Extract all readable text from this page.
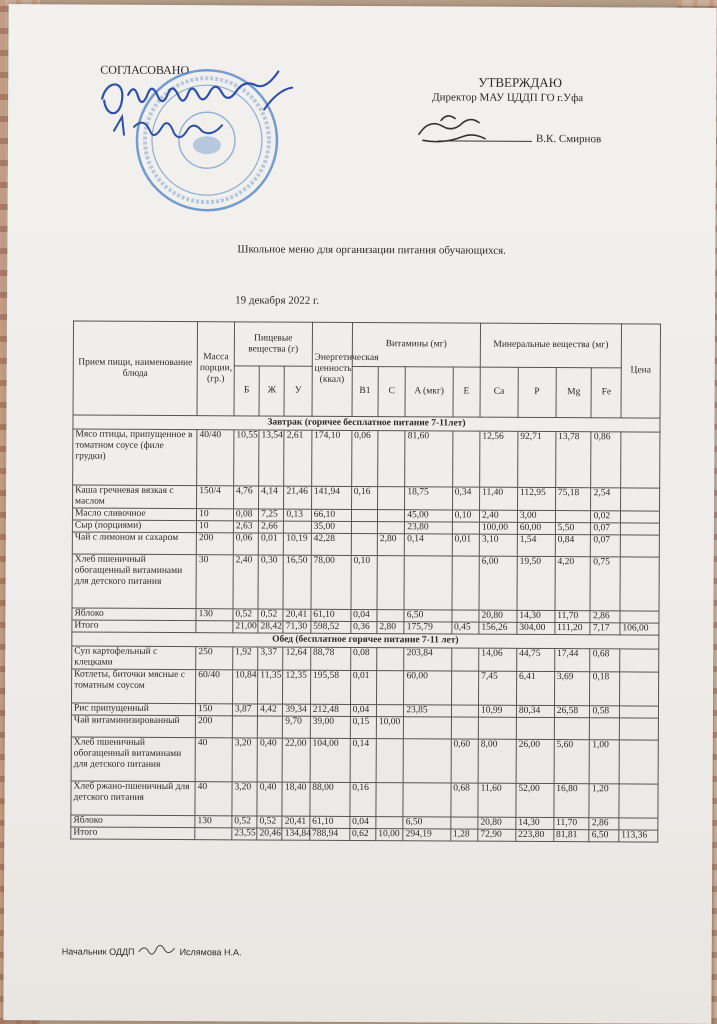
СОГЛАСОВАНО
УТВЕРЖДАЮ
Директор МАУ ЦДДП ГО г.Уфа
В.К. Смирнов
Школьное меню для организации питания обучающихся.
19 декабря 2022 г.
Прием пищи, наименование блюда	Масса порции, (гр.)	Пищевые вещества (г)			Энергетическая ценность (ккал)	Витамины (мг)				Минеральные вещества (мг)				Цена
		Б	Ж	У		B1	C	A (мкг)	E	Ca	P	Mg	Fe	
Завтрак (горячее бесплатное питание 7-11лет)														
Мясо птицы, припущенное в томатном соусе (филе грудки)	40/40	10,55	13,54	2,61	174,10	0,06		81,60		12,56	92,71	13,78	0,86	
Каша гречневая вязкая с маслом	150/4	4,76	4,14	21,46	141,94	0,16		18,75	0,34	11,40	112,95	75,18	2,54	
Масло сливочное	10	0,08	7,25	0,13	66,10			45,00	0,10	2,40	3,00		0,02	
Сыр (порциями)	10	2,63	2,66		35,00			23,80		100,00	60,00	5,50	0,07	
Чай с лимоном и сахаром	200	0,06	0,01	10,19	42,28		2,80	0,14	0,01	3,10	1,54	0,84	0,07	
Хлеб пшеничный обогащенный витаминами для детского питания	30	2,40	0,30	16,50	78,00	0,10				6,00	19,50	4,20	0,75	
Яблоко	130	0,52	0,52	20,41	61,10	0,04		6,50		20,80	14,30	11,70	2,86	
Итого		21,00	28,42	71,30	598,52	0,36	2,80	175,79	0,45	156,26	304,00	111,20	7,17	106,00
Обед (бесплатное горячее питание 7-11 лет)														
Суп картофельный с клецками	250	1,92	3,37	12,64	88,78	0,08		203,84		14,06	44,75	17,44	0,68	
Котлеты, биточки мясные с томатным соусом	60/40	10,84	11,35	12,35	195,58	0,01		60,00		7,45	6,41	3,69	0,18	
Рис припущенный	150	3,87	4,42	39,34	212,48	0,04		23,85		10,99	80,34	26,58	0,58	
Чай витаминизированный	200			9,70	39,00	0,15	10,00							
Хлеб пшеничный обогащенный витаминами для детского питания	40	3,20	0,40	22,00	104,00	0,14			0,60	8,00	26,00	5,60	1,00	
Хлеб ржано-пшеничный для детского питания	40	3,20	0,40	18,40	88,00	0,16			0,68	11,60	52,00	16,80	1,20	
Яблоко	130	0,52	0,52	20,41	61,10	0,04		6,50		20,80	14,30	11,70	2,86	
Итого		23,55	20,46	134,84	788,94	0,62	10,00	294,19	1,28	72,90	223,80	81,81	6,50	113,36
Начальник ОДДП	Ислямова Н.А.
